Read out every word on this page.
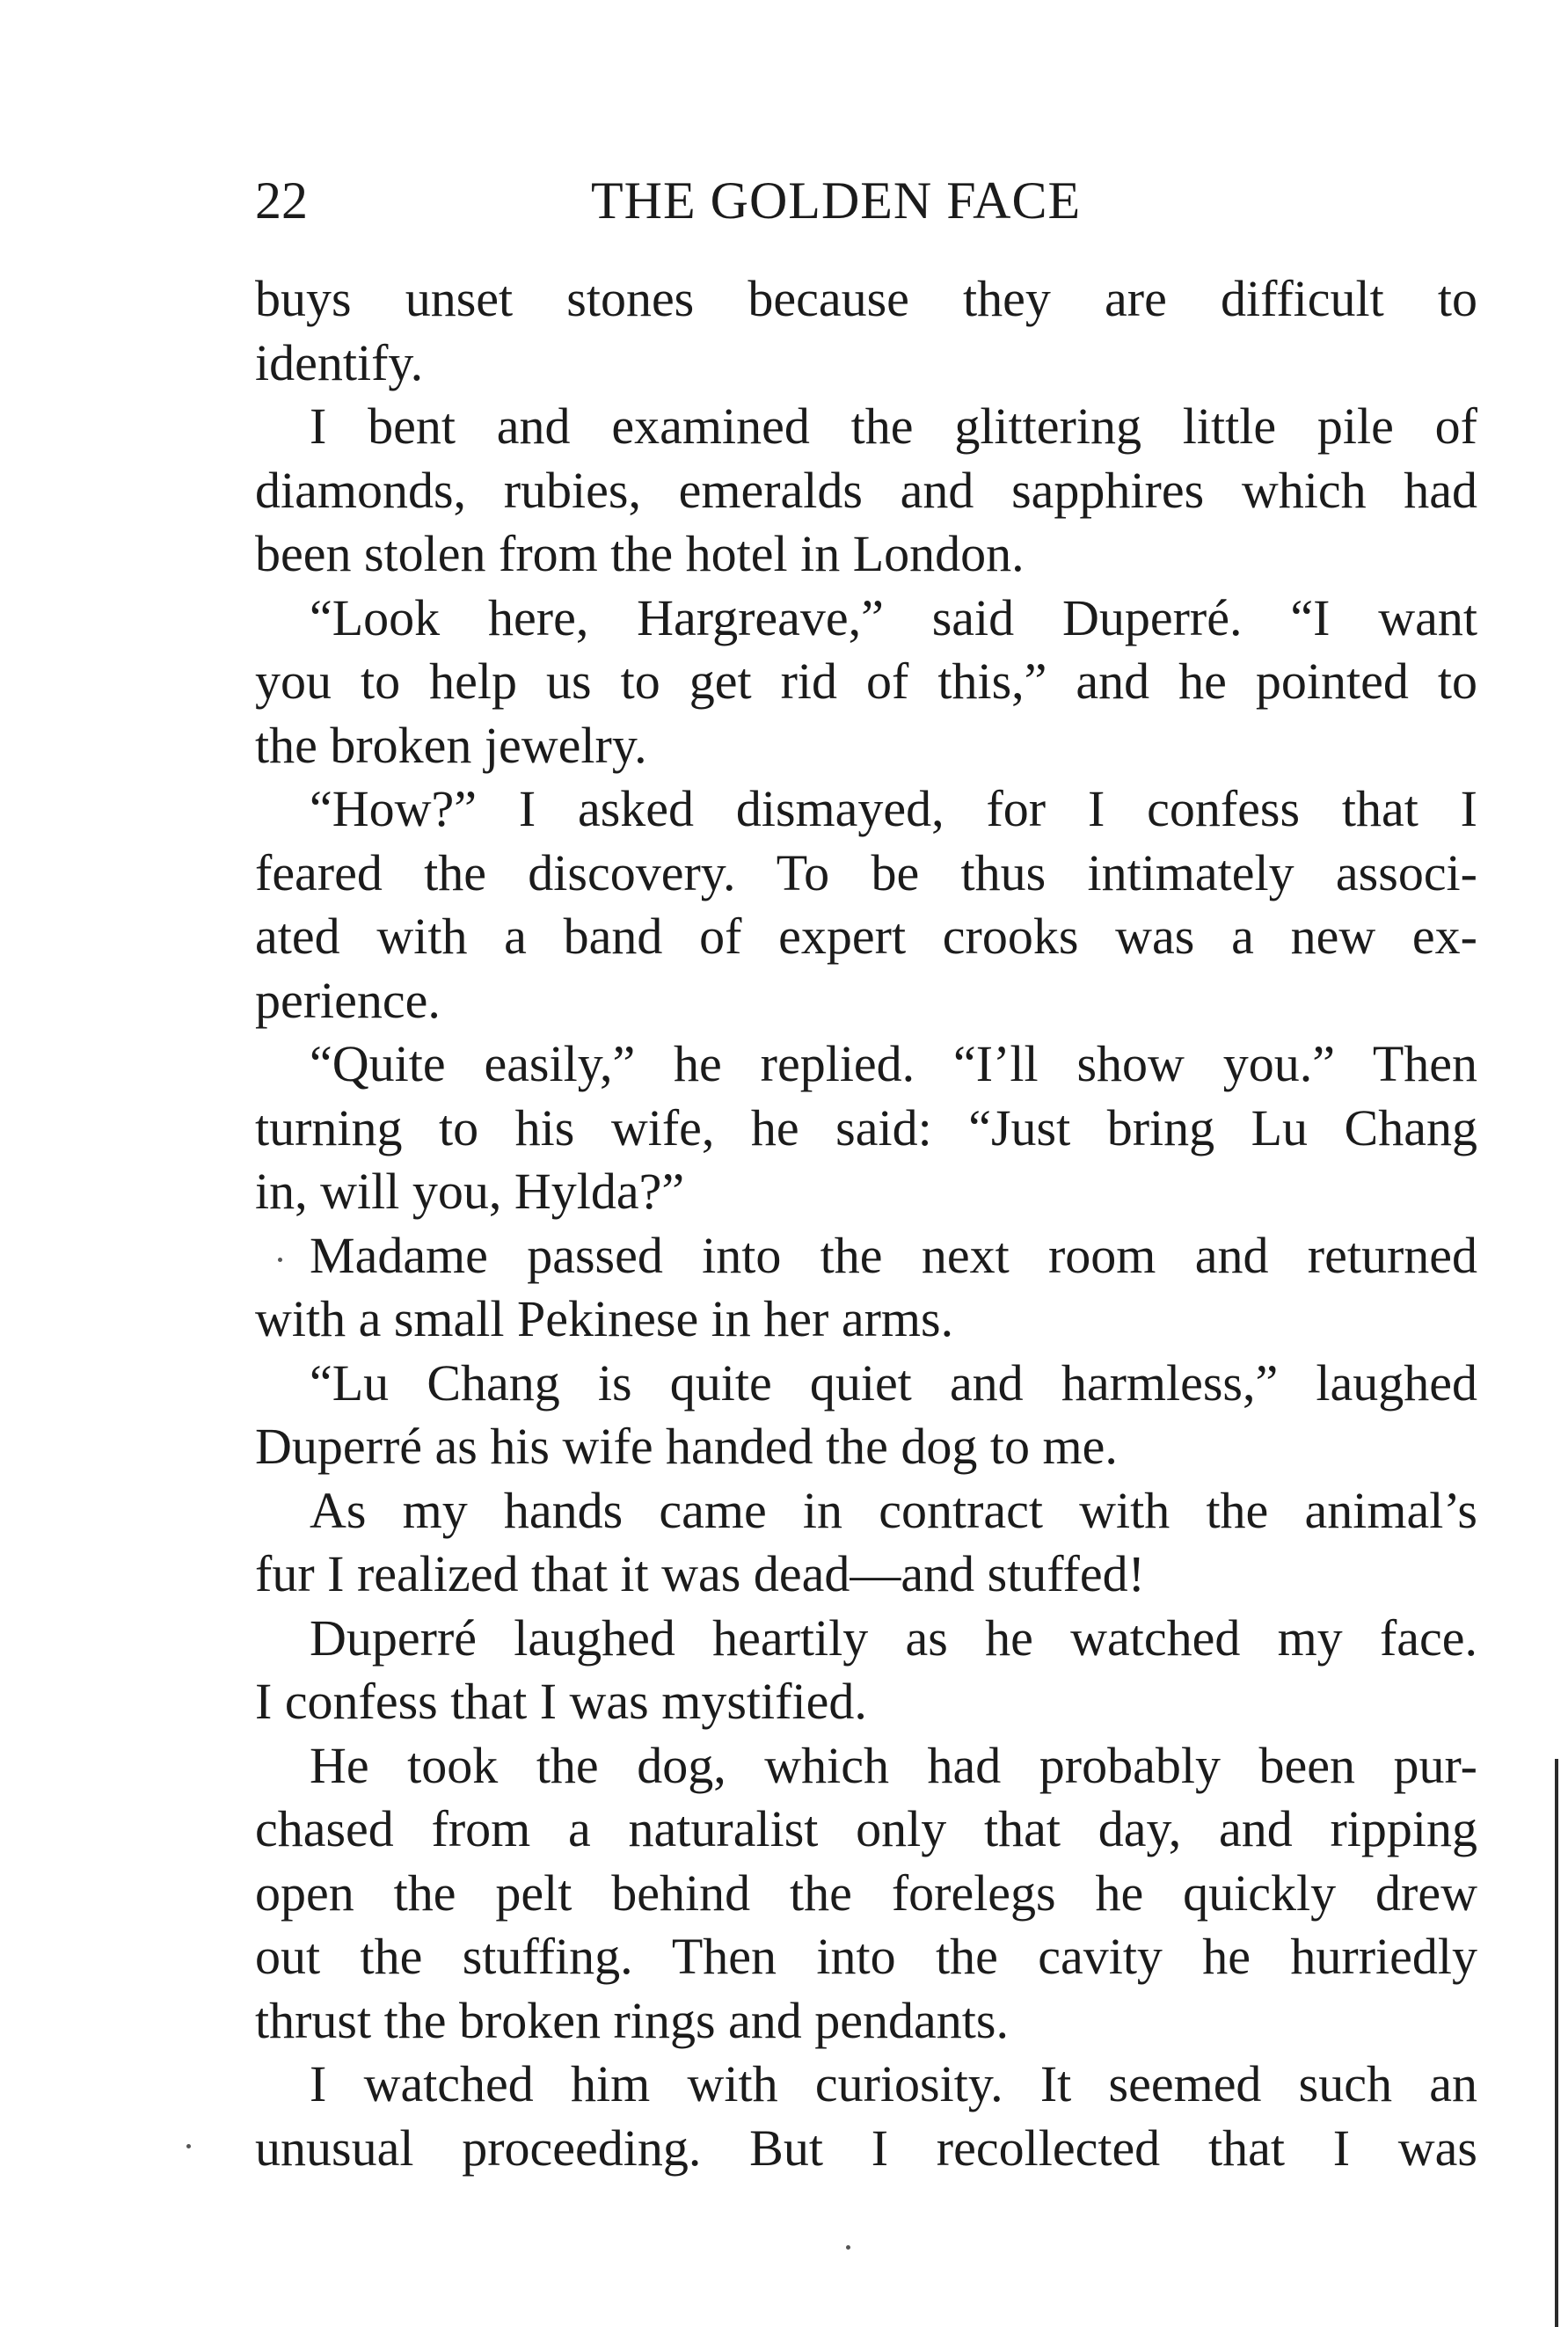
22	THE GOLDEN FACE
buys unset stones because they are difficult to
identify.
I bent and examined the glittering little pile of
diamonds, rubies, emeralds and sapphires which had
been stolen from the hotel in London.
“Look here, Hargreave,” said Duperré. “I want
you to help us to get rid of this,” and he pointed to
the broken jewelry.
“How?” I asked dismayed, for I confess that I
feared the discovery. To be thus intimately associ-
ated with a band of expert crooks was a new ex-
perience.
“Quite easily,” he replied. “I’ll show you.” Then
turning to his wife, he said: “Just bring Lu Chang
in, will you, Hylda?”
Madame passed into the next room and returned
with a small Pekinese in her arms.
“Lu Chang is quite quiet and harmless,” laughed
Duperré as his wife handed the dog to me.
As my hands came in contract with the animal’s
fur I realized that it was dead—and stuffed!
Duperré laughed heartily as he watched my face.
I confess that I was mystified.
He took the dog, which had probably been pur-
chased from a naturalist only that day, and ripping
open the pelt behind the forelegs he quickly drew
out the stuffing. Then into the cavity he hurriedly
thrust the broken rings and pendants.
I watched him with curiosity. It seemed such an
unusual proceeding. But I recollected that I was
